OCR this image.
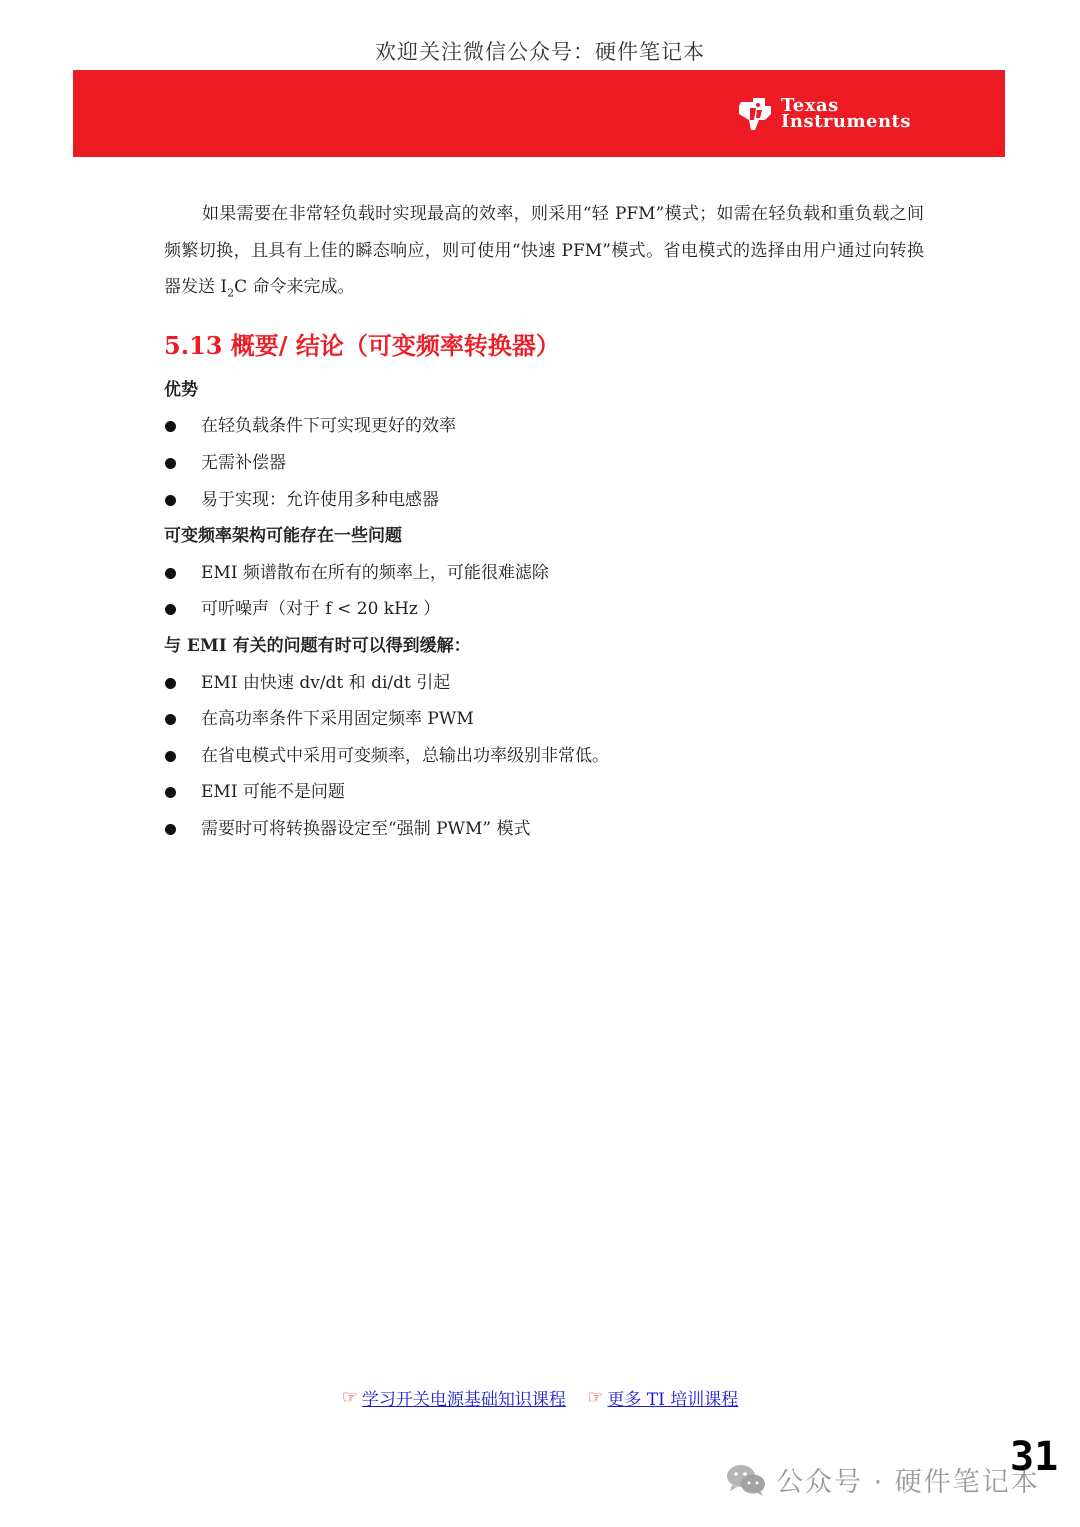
欢迎关注微信公众号：硬件笔记本
Texas
Instruments

如果需要在非常轻负载时实现最高的效率，则采用“轻 PFM”模式；如需在轻负载和重负载之间频繁切换，且具有上佳的瞬态响应，则可使用“快速 PFM”模式。省电模式的选择由用户通过向转换器发送 $I_2C$ 命令来完成。

5.13 概要/ 结论（可变频率转换器）
优势
在轻负载条件下可实现更好的效率
无需补偿器
易于实现：允许使用多种电感器
可变频率架构可能存在一些问题
EMI 频谱散布在所有的频率上，可能很难滤除
可听噪声（对于 f < 20 kHz ）
与 EMI 有关的问题有时可以得到缓解：
EMI 由快速 dv/dt 和 di/dt 引起
在高功率条件下采用固定频率 PWM
在省电模式中采用可变频率，总输出功率级别非常低。
EMI 可能不是问题
需要时可将转换器设定至“强制 PWM” 模式
☞ 学习开关电源基础知识课程
☞ 更多 TI 培训课程
公众号 · 硬件笔记本
31
